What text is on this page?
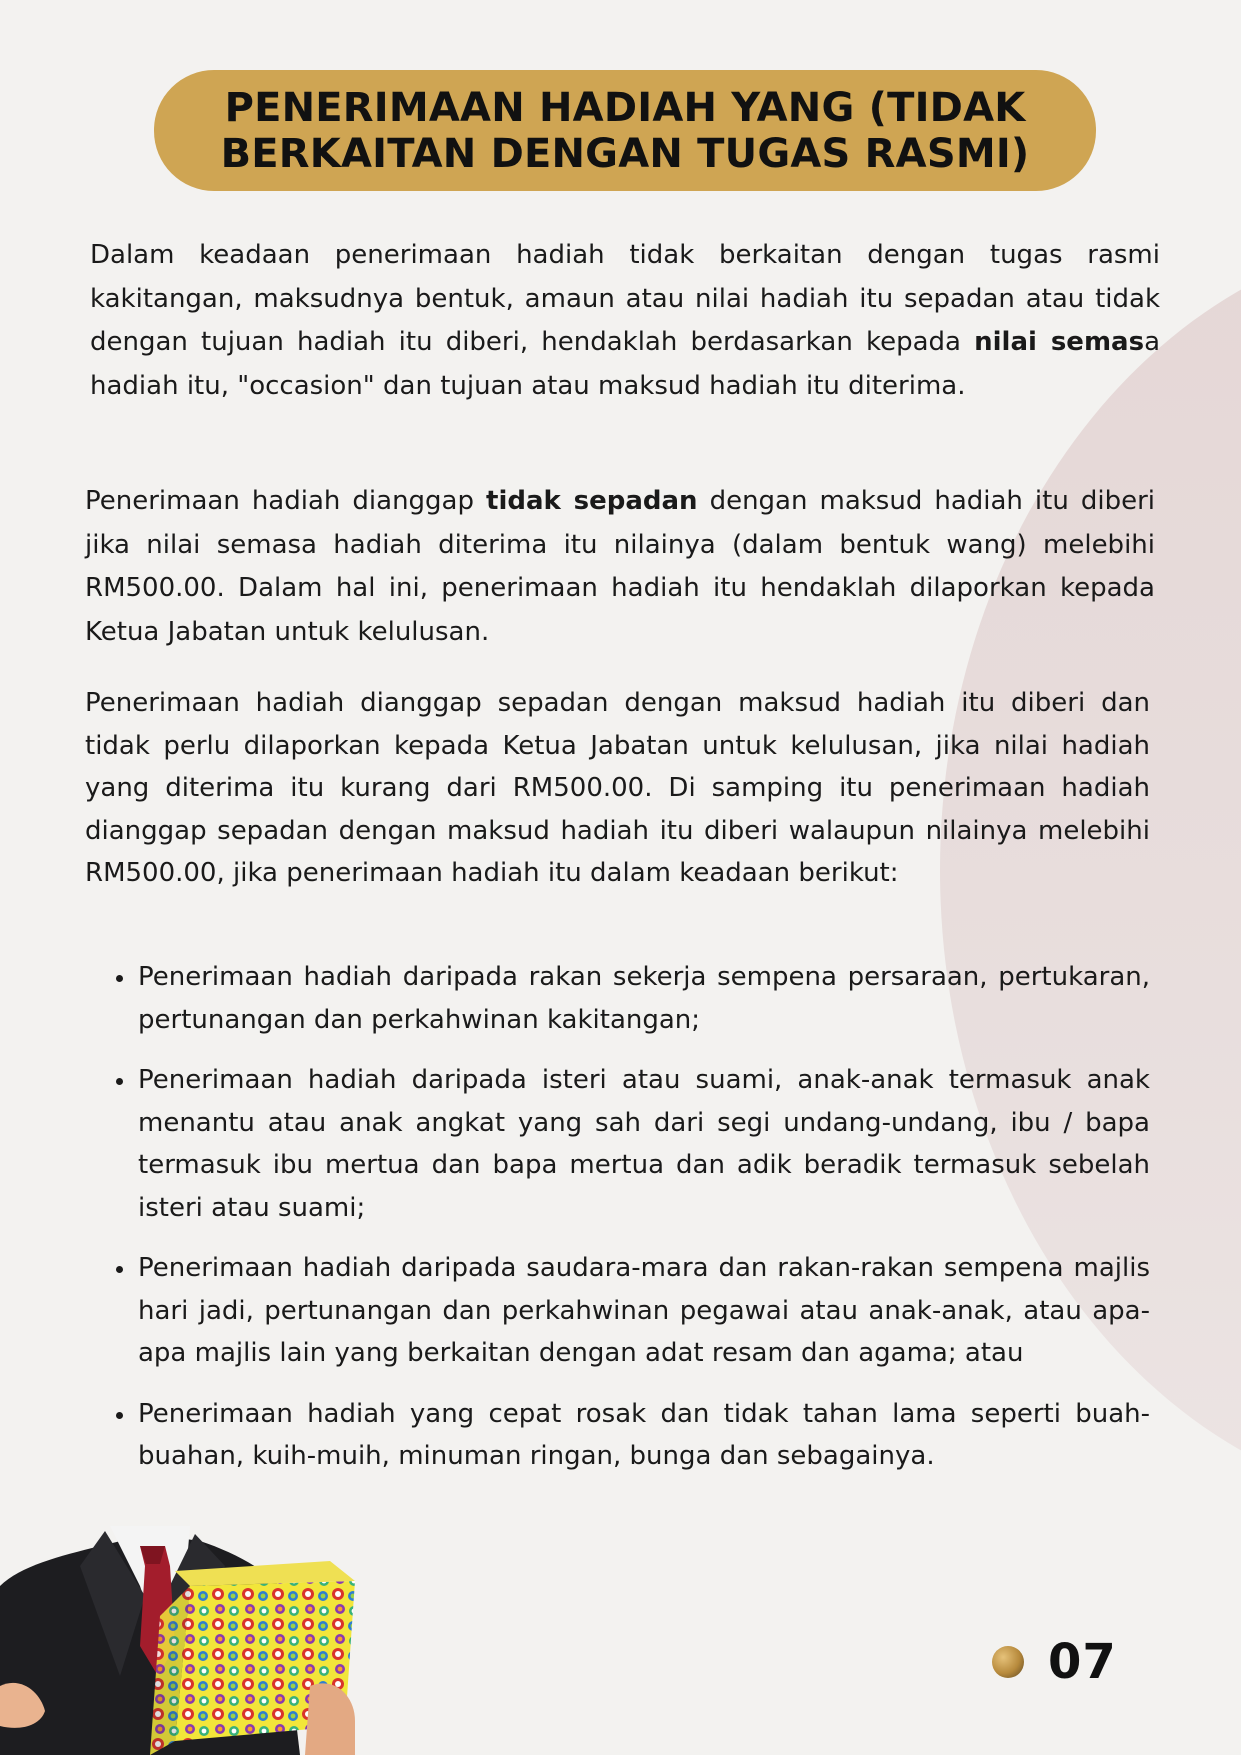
PENERIMAAN HADIAH YANG (TIDAK
BERKAITAN DENGAN TUGAS RASMI)

Dalam keadaan penerimaan hadiah tidak berkaitan dengan tugas rasmi kakitangan, maksudnya bentuk, amaun atau nilai hadiah itu sepadan atau tidak dengan tujuan hadiah itu diberi, hendaklah berdasarkan kepada nilai semasa hadiah itu, "occasion" dan tujuan atau maksud hadiah itu diterima.

Penerimaan hadiah dianggap tidak sepadan dengan maksud hadiah itu diberi jika nilai semasa hadiah diterima itu nilainya (dalam bentuk wang) melebihi RM500.00. Dalam hal ini, penerimaan hadiah itu hendaklah dilaporkan kepada Ketua Jabatan untuk kelulusan.

Penerimaan hadiah dianggap sepadan dengan maksud hadiah itu diberi dan tidak perlu dilaporkan kepada Ketua Jabatan untuk kelulusan, jika nilai hadiah yang diterima itu kurang dari RM500.00. Di samping itu penerimaan hadiah dianggap sepadan dengan maksud hadiah itu diberi walaupun nilainya melebihi RM500.00, jika penerimaan hadiah itu dalam keadaan berikut:

Penerimaan hadiah daripada rakan sekerja sempena persaraan, pertukaran, pertunangan dan perkahwinan kakitangan;
Penerimaan hadiah daripada isteri atau suami, anak-anak termasuk anak menantu atau anak angkat yang sah dari segi undang-undang, ibu / bapa termasuk ibu mertua dan bapa mertua dan adik beradik termasuk sebelah isteri atau suami;
Penerimaan hadiah daripada saudara-mara dan rakan-rakan sempena majlis hari jadi, pertunangan dan perkahwinan pegawai atau anak-anak, atau apa-apa majlis lain yang berkaitan dengan adat resam dan agama; atau
Penerimaan hadiah yang cepat rosak dan tidak tahan lama seperti buah-buahan, kuih-muih, minuman ringan, bunga dan sebagainya.
07
